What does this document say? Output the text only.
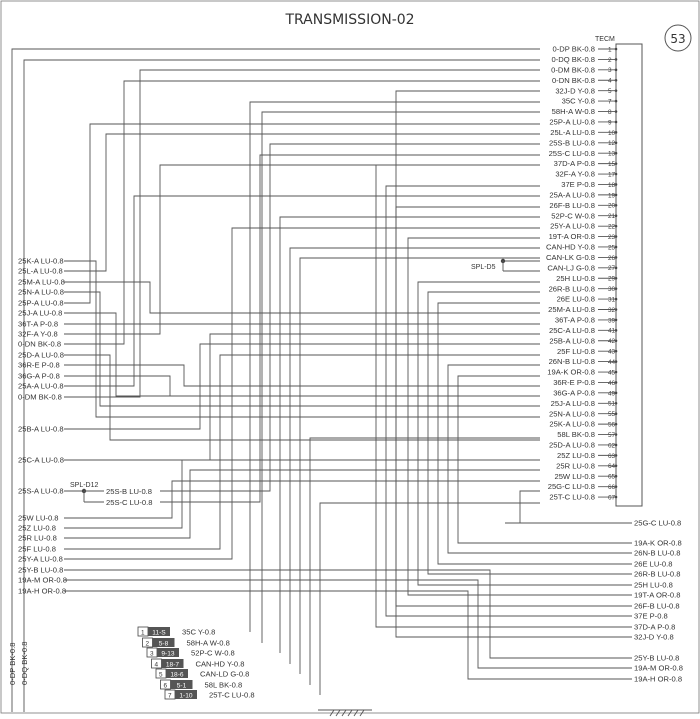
TRANSMISSION-02
53
TECM
0-DP BK-0.8 1
0-DQ BK-0.8 2
0-DM BK-0.8 3
0-DN BK-0.8 4
32J-D Y-0.8 5
35C Y-0.8 7
58H-A W-0.8 8
25P-A LU-0.8 9
25L-A LU-0.8 10
25S-B LU-0.8 12
25S-C LU-0.8 13
37D-A P-0.8 15
32F-A Y-0.8 17
37E P-0.8 18
25A-A LU-0.8 19
26F-B LU-0.8 20
52P-C W-0.8 21
25Y-A LU-0.8 22
19T-A OR-0.8 23
CAN-HD Y-0.8 25
CAN-LK G-0.8 26
CAN-LJ G-0.8 27
25H LU-0.8 29
26R-B LU-0.8 30
26E LU-0.8 31
25M-A LU-0.8 32
36T-A P-0.8 39
25C-A LU-0.8 41
25B-A LU-0.8 42
25F LU-0.8 43
26N-B LU-0.8 44
19A-K OR-0.8 45
36R-E P-0.8 46
36G-A P-0.8 49
25J-A LU-0.8 51
25N-A LU-0.8 55
25K-A LU-0.8 56
58L BK-0.8 57
25D-A LU-0.8 62
25Z LU-0.8 63
25R LU-0.8 64
25W LU-0.8 65
25G-C LU-0.8 66
25T-C LU-0.8 67
25K-A LU-0.8
25L-A LU-0.8
25M-A LU-0.8
25N-A LU-0.8
25P-A LU-0.8
25J-A LU-0.8
36T-A P-0.8
32F-A Y-0.8
0-DN BK-0.8
25D-A LU-0.8
36R-E P-0.8
36G-A P-0.8
25A-A LU-0.8
0-DM BK-0.8
25B-A LU-0.8
25C-A LU-0.8
25S-A LU-0.8
25W LU-0.8
25Z LU-0.8
25R LU-0.8
25F LU-0.8
25Y-A LU-0.8
25Y-B LU-0.8
19A-M OR-0.8
19A-H OR-0.8
25G-C LU-0.8
19A-K OR-0.8
26N-B LU-0.8
26E LU-0.8
26R-B LU-0.8
25H LU-0.8
19T-A OR-0.8
26F-B LU-0.8
37E P-0.8
37D-A P-0.8
32J-D Y-0.8
25Y-B LU-0.8
19A-M OR-0.8
19A-H OR-0.8
1 11-S 35C Y-0.8
2 5-8 58H-A W-0.8
3 9-13 52P-C W-0.8
4 18-7 CAN-HD Y-0.8
5 18-6 CAN-LD G-0.8
6 5-1 58L BK-0.8
7 1-10 25T-C LU-0.8
SPL-D5
SPL-D12
25S-B LU-0.8
25S-C LU-0.8
0-DP BK-0.8 0-DQ BK-0.8
